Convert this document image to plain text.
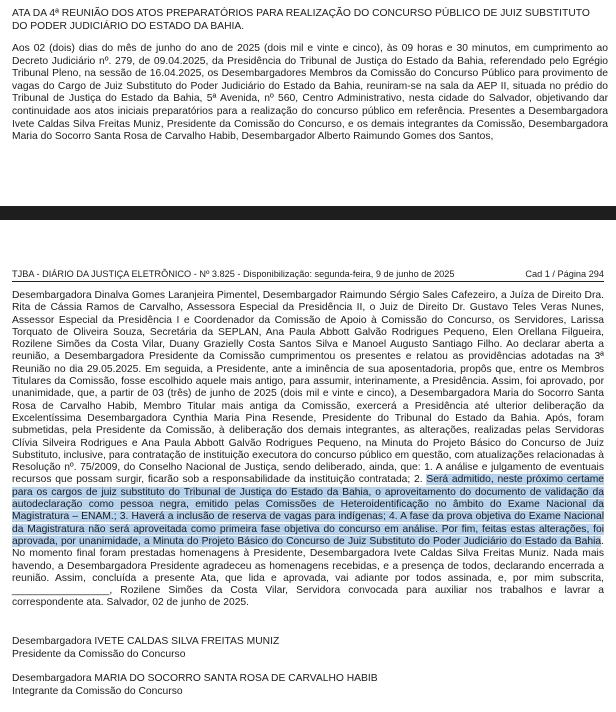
ATA DA 4ª REUNIÃO DOS ATOS PREPARATÓRIOS PARA REALIZAÇÃO DO CONCURSO PÚBLICO DE JUIZ SUBSTITUTO DO PODER JUDICIÁRIO DO ESTADO DA BAHIA.
Aos 02 (dois) dias do mês de junho do ano de 2025 (dois mil e vinte e cinco), às 09 horas e 30 minutos, em cumprimento ao Decreto Judiciário nº. 279, de 09.04.2025, da Presidência do Tribunal de Justiça do Estado da Bahia, referendado pelo Egrégio Tribunal Pleno, na sessão de 16.04.2025, os Desembargadores Membros da Comissão do Concurso Público para provimento de vagas do Cargo de Juiz Substituto do Poder Judiciário do Estado da Bahia, reuniram-se na sala da AEP II, situada no prédio do Tribunal de Justiça do Estado da Bahia, 5ª Avenida, nº 560, Centro Administrativo, nesta cidade do Salvador, objetivando dar continuidade aos atos iniciais preparatórios para a realização do concurso público em referência. Presentes a Desembargadora Ivete Caldas Silva Freitas Muniz, Presidente da Comissão do Concurso, e os demais integrantes da Comissão, Desembargadora Maria do Socorro Santa Rosa de Carvalho Habib, Desembargador Alberto Raimundo Gomes dos Santos,
TJBA - DIÁRIO DA JUSTIÇA ELETRÔNICO - Nº 3.825 - Disponibilização: segunda-feira, 9 de junho de 2025	Cad 1 / Página 294
Desembargadora Dinalva Gomes Laranjeira Pimentel, Desembargador Raimundo Sérgio Sales Cafezeiro, a Juíza de Direito Dra. Rita de Cássia Ramos de Carvalho, Assessora Especial da Presidência II, o Juiz de Direito Dr. Gustavo Teles Veras Nunes, Assessor Especial da Presidência I e Coordenador da Comissão de Apoio à Comissão do Concurso, os Servidores, Larissa Torquato de Oliveira Souza, Secretária da SEPLAN, Ana Paula Abbott Galvão Rodrigues Pequeno, Elen Orellana Filgueira, Rozilene Simões da Costa Vilar, Duany Grazielly Costa Santos Silva e Manoel Augusto Santiago Filho. Ao declarar aberta a reunião, a Desembargadora Presidente da Comissão cumprimentou os presentes e relatou as providências adotadas na 3ª Reunião no dia 29.05.2025. Em seguida, a Presidente, ante a iminência de sua aposentadoria, propôs que, entre os Membros Titulares da Comissão, fosse escolhido aquele mais antigo, para assumir, interinamente, a Presidência. Assim, foi aprovado, por unanimidade, que, a partir de 03 (três) de junho de 2025 (dois mil e vinte e cinco), a Desembargadora Maria do Socorro Santa Rosa de Carvalho Habib, Membro Titular mais antiga da Comissão, exercerá a Presidência até ulterior deliberação da Excelentíssima Desembargadora Cynthia Maria Pina Resende, Presidente do Tribunal do Estado da Bahia. Após, foram submetidas, pela Presidente da Comissão, à deliberação dos demais integrantes, as alterações, realizadas pelas Servidoras Clívia Silveira Rodrigues e Ana Paula Abbott Galvão Rodrigues Pequeno, na Minuta do Projeto Básico do Concurso de Juiz Substituto, inclusive, para contratação de instituição executora do concurso público em questão, com atualizações relacionadas à Resolução nº. 75/2009, do Conselho Nacional de Justiça, sendo deliberado, ainda, que: 1. A análise e julgamento de eventuais recursos que possam surgir, ficarão sob a responsabilidade da instituição contratada; 2. Será admitido, neste próximo certame para os cargos de juiz substituto do Tribunal de Justiça do Estado da Bahia, o aproveitamento do documento de validação da autodeclaração como pessoa negra, emitido pelas Comissões de Heteroidentificação no âmbito do Exame Nacional da Magistratura – ENAM.; 3. Haverá a inclusão de reserva de vagas para indígenas; 4. A fase da prova objetiva do Exame Nacional da Magistratura não será aproveitada como primeira fase objetiva do concurso em análise. Por fim, feitas estas alterações, foi aprovada, por unanimidade, a Minuta do Projeto Básico do Concurso de Juiz Substituto do Poder Judiciário do Estado da Bahia. No momento final foram prestadas homenagens à Presidente, Desembargadora Ivete Caldas Silva Freitas Muniz. Nada mais havendo, a Desembargadora Presidente agradeceu as homenagens recebidas, e a presença de todos, declarando encerrada a reunião. Assim, concluída a presente Ata, que lida e aprovada, vai adiante por todos assinada, e, por mim subscrita, _________________, Rozilene Simões da Costa Vilar, Servidora convocada para auxiliar nos trabalhos e lavrar a correspondente ata. Salvador, 02 de junho de 2025.
Desembargadora IVETE CALDAS SILVA FREITAS MUNIZ
Presidente da Comissão do Concurso
Desembargadora MARIA DO SOCORRO SANTA ROSA DE CARVALHO HABIB
Integrante da Comissão do Concurso
